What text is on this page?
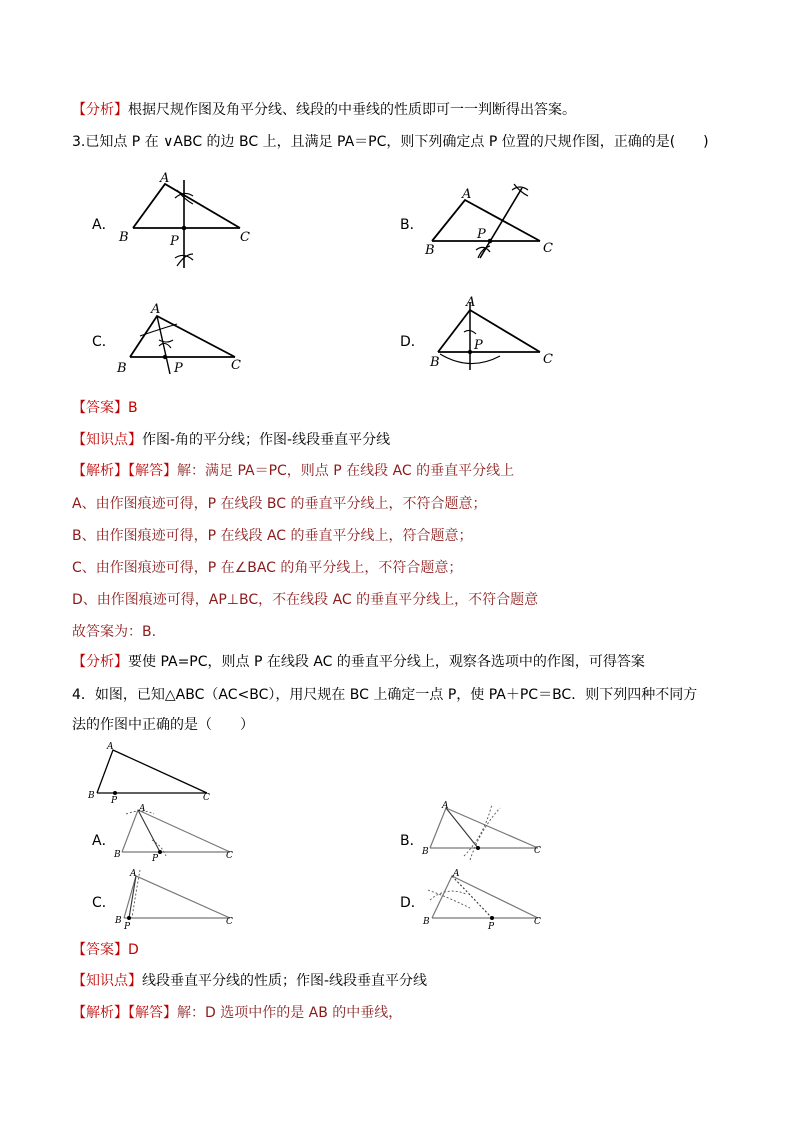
【分析】根据尺规作图及角平分线、线段的中垂线的性质即可一一判断得出答案。
3.已知点 P 在 ∨ABC 的边 BC 上，且满足 PA＝PC，则下列确定点 P 位置的尺规作图，正确的是(　　)
A．
A
B	C
P
B．
A
B	C
P
C．
A
B	C
P
D．
A
B	C
P
【答案】B
【知识点】作图-角的平分线；作图-线段垂直平分线
【解析】【解答】解：满足 PA＝PC，则点 P 在线段 AC 的垂直平分线上
A、由作图痕迹可得，P 在线段 BC 的垂直平分线上，不符合题意；
B、由作图痕迹可得，P 在线段 AC 的垂直平分线上，符合题意；
C、由作图痕迹可得，P 在∠BAC 的角平分线上，不符合题意；
D、由作图痕迹可得，AP⊥BC，不在线段 AC 的垂直平分线上，不符合题意
故答案为：B.
【分析】要使 PA=PC，则点 P 在线段 AC 的垂直平分线上，观察各选项中的作图，可得答案
4．如图，已知△ABC（AC<BC），用尺规在 BC 上确定一点 P，使 PA＋PC＝BC．则下列四种不同方
法的作图中正确的是（　　）
A
B	C
P
A．
A
B	C
P
B．
A
B	C
C．
A
B	C
P
D．
A
B	C
P
【答案】D
【知识点】线段垂直平分线的性质；作图-线段垂直平分线
【解析】【解答】解：D 选项中作的是 AB 的中垂线，
